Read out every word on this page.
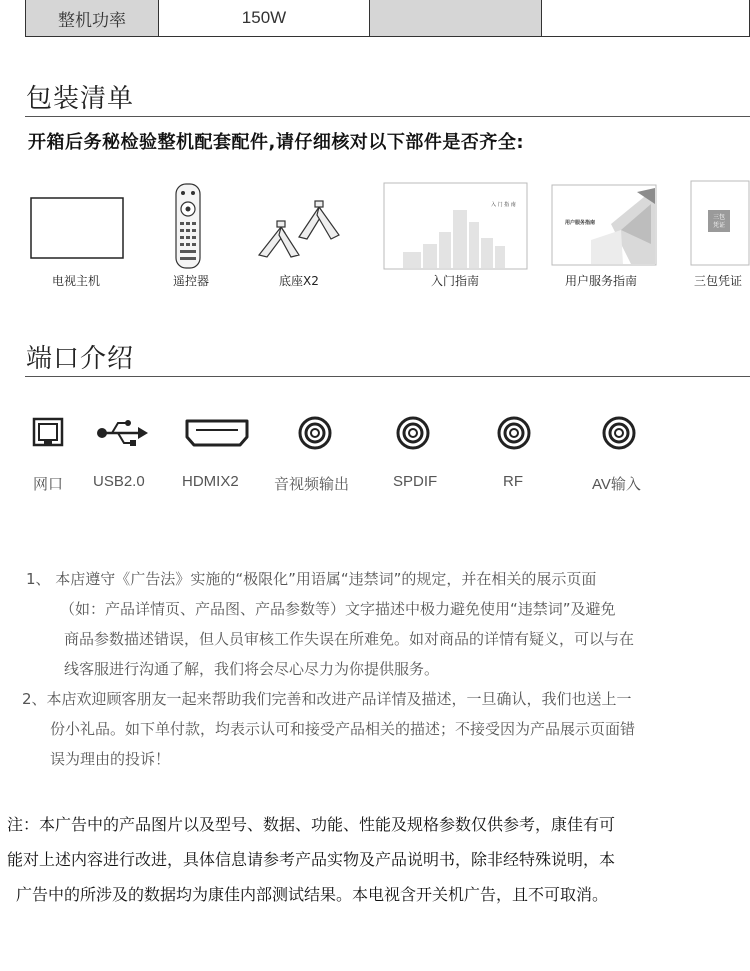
整机功率	150W
包装清单
开箱后务秘检验整机配套配件,请仔细核对以下部件是否齐全:
电视主机	遥控器	底座X2
入 门 指 南
入门指南
用户服务指南
用户服务指南
三包
凭证
三包凭证
端口介绍
网口 USB2.0 HDMIX2 音视频输出	SPDIF	RF	AV输入
1、 本店遵守《广告法》实施的“极限化”用语属“违禁词”的规定，并在相关的展示页面
（如：产品详情页、产品图、产品参数等）文字描述中极力避免使用“违禁词”及避免
商品参数描述错误，但人员审核工作失误在所难免。如对商品的详情有疑义，可以与在
线客服进行沟通了解，我们将会尽心尽力为你提供服务。
2、本店欢迎顾客朋友一起来帮助我们完善和改进产品详情及描述，一旦确认，我们也送上一
份小礼品。如下单付款，均表示认可和接受产品相关的描述；不接受因为产品展示页面错
误为理由的投诉！
注：本广告中的产品图片以及型号、数据、功能、性能及规格参数仅供参考，康佳有可
能对上述内容进行改进，具体信息请参考产品实物及产品说明书，除非经特殊说明，本
广告中的所涉及的数据均为康佳内部测试结果。本电视含开关机广告，且不可取消。
